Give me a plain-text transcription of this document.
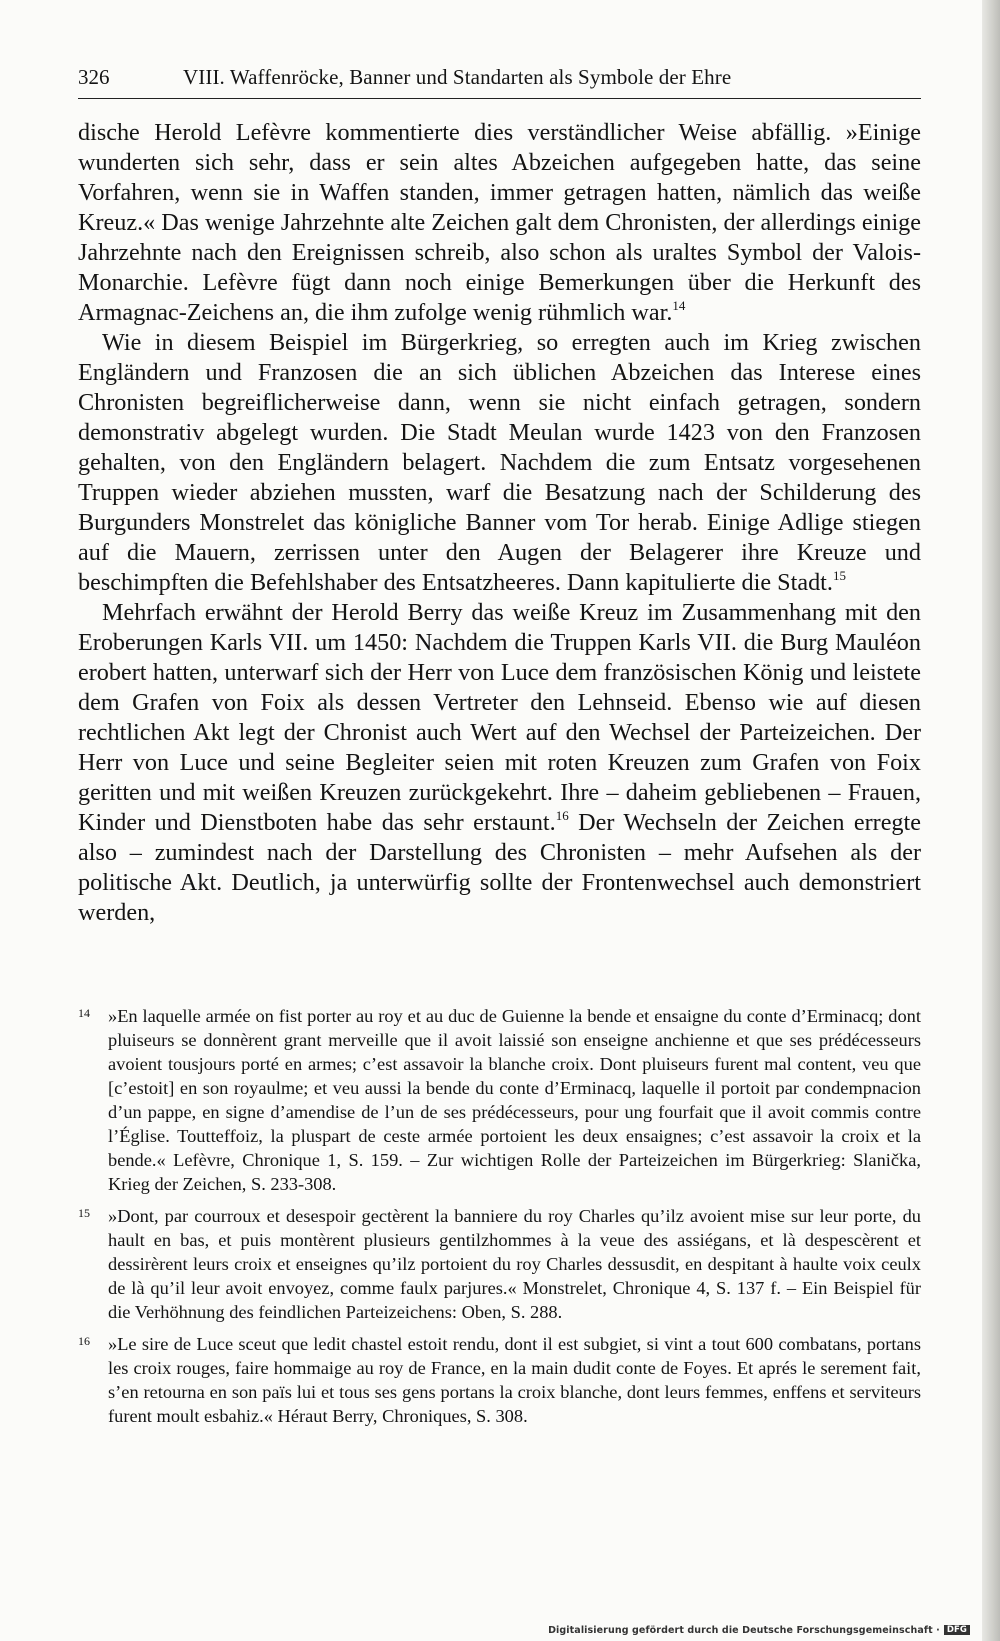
326	VIII. Waffenröcke, Banner und Standarten als Symbole der Ehre

dische Herold Lefèvre kommentierte dies verständlicher Weise abfällig. »Einige wunderten sich sehr, dass er sein altes Abzeichen aufgegeben hatte, das seine Vorfahren, wenn sie in Waffen standen, immer getragen hatten, nämlich das weiße Kreuz.« Das wenige Jahrzehnte alte Zeichen galt dem Chronisten, der allerdings einige Jahrzehnte nach den Ereignissen schreib, also schon als uraltes Symbol der Valois-Monarchie. Lefèvre fügt dann noch einige Bemerkungen über die Herkunft des Armagnac-Zeichens an, die ihm zufolge wenig rühmlich war.$^{14}$

Wie in diesem Beispiel im Bürgerkrieg, so erregten auch im Krieg zwischen Engländern und Franzosen die an sich üblichen Abzeichen das Interese eines Chronisten begreiflicherweise dann, wenn sie nicht einfach getragen, sondern demonstrativ abgelegt wurden. Die Stadt Meulan wurde 1423 von den Franzosen gehalten, von den Engländern belagert. Nachdem die zum Entsatz vorgesehenen Truppen wieder abziehen mussten, warf die Besatzung nach der Schilderung des Burgunders Monstrelet das königliche Banner vom Tor herab. Einige Adlige stiegen auf die Mauern, zerrissen unter den Augen der Belagerer ihre Kreuze und beschimpften die Befehlshaber des Entsatzheeres. Dann kapitulierte die Stadt.$^{15}$

Mehrfach erwähnt der Herold Berry das weiße Kreuz im Zusammenhang mit den Eroberungen Karls VII. um 1450: Nachdem die Truppen Karls VII. die Burg Mauléon erobert hatten, unterwarf sich der Herr von Luce dem französischen König und leistete dem Grafen von Foix als dessen Vertreter den Lehnseid. Ebenso wie auf diesen rechtlichen Akt legt der Chronist auch Wert auf den Wechsel der Parteizeichen. Der Herr von Luce und seine Begleiter seien mit roten Kreuzen zum Grafen von Foix geritten und mit weißen Kreuzen zurückgekehrt. Ihre – daheim gebliebenen – Frauen, Kinder und Dienstboten habe das sehr erstaunt.$^{16}$ Der Wechseln der Zeichen erregte also – zumindest nach der Darstellung des Chronisten – mehr Aufsehen als der politische Akt. Deutlich, ja unterwürfig sollte der Frontenwechsel auch demonstriert werden,

14 »En laquelle armée on fist porter au roy et au duc de Guienne la bende et ensaigne du conte d’Erminacq; dont pluiseurs se donnèrent grant merveille que il avoit laissié son enseigne anchienne et que ses prédécesseurs avoient tousjours porté en armes; c’est assavoir la blanche croix. Dont pluiseurs furent mal content, veu que [c’estoit] en son royaulme; et veu aussi la bende du conte d’Erminacq, laquelle il portoit par condempnacion d’un pappe, en signe d’amendise de l’un de ses prédécesseurs, pour ung fourfait que il avoit commis contre l’Église. Toutteffoiz, la pluspart de ceste armée portoient les deux ensaignes; c’est assavoir la croix et la bende.« Lefèvre, Chronique 1, S. 159. – Zur wichtigen Rolle der Parteizeichen im Bürgerkrieg: Slanička, Krieg der Zeichen, S. 233-308.
15 »Dont, par courroux et desespoir gectèrent la banniere du roy Charles qu’ilz avoient mise sur leur porte, du hault en bas, et puis montèrent plusieurs gentilzhommes à la veue des assiégans, et là despescèrent et dessirèrent leurs croix et enseignes qu’ilz portoient du roy Charles dessusdit, en despitant à haulte voix ceulx de là qu’il leur avoit envoyez, comme faulx parjures.« Monstrelet, Chronique 4, S. 137 f. – Ein Beispiel für die Verhöhnung des feindlichen Parteizeichens: Oben, S. 288.
16 »Le sire de Luce sceut que ledit chastel estoit rendu, dont il est subgiet, si vint a tout 600 combatans, portans les croix rouges, faire hommaige au roy de France, en la main dudit conte de Foyes. Et aprés le serement fait, s’en retourna en son païs lui et tous ses gens portans la croix blanche, dont leurs femmes, enffens et serviteurs furent moult esbahiz.« Héraut Berry, Chroniques, S. 308.
Digitalisierung gefördert durch die Deutsche Forschungsgemeinschaft · DFG
